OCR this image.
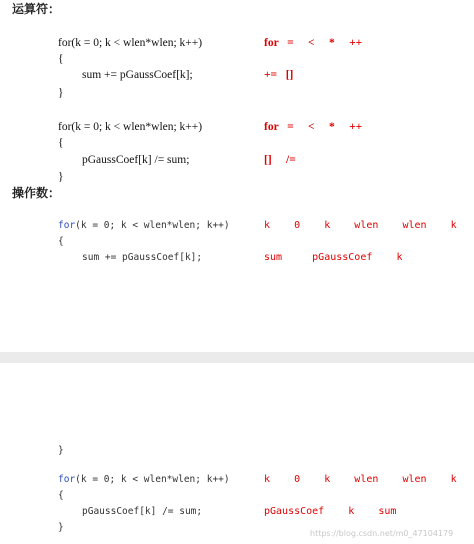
运算符：
for(k = 0; k < wlen*wlen; k++)
{
sum += pGaussCoef[k];
}
for   =     <     *     ++
+=   []
for(k = 0; k < wlen*wlen; k++)
{
pGaussCoef[k] /= sum;
}
for   =     <     *     ++
[]     /=
操作数：
for(k = 0; k < wlen*wlen; k++)
{
sum += pGaussCoef[k];
k    0    k    wlen    wlen    k
sum     pGaussCoef    k
}
for(k = 0; k < wlen*wlen; k++)
{
pGaussCoef[k] /= sum;
}
k    0    k    wlen    wlen    k
pGaussCoef    k    sum
https://blog.csdn.net/m0_47104179
